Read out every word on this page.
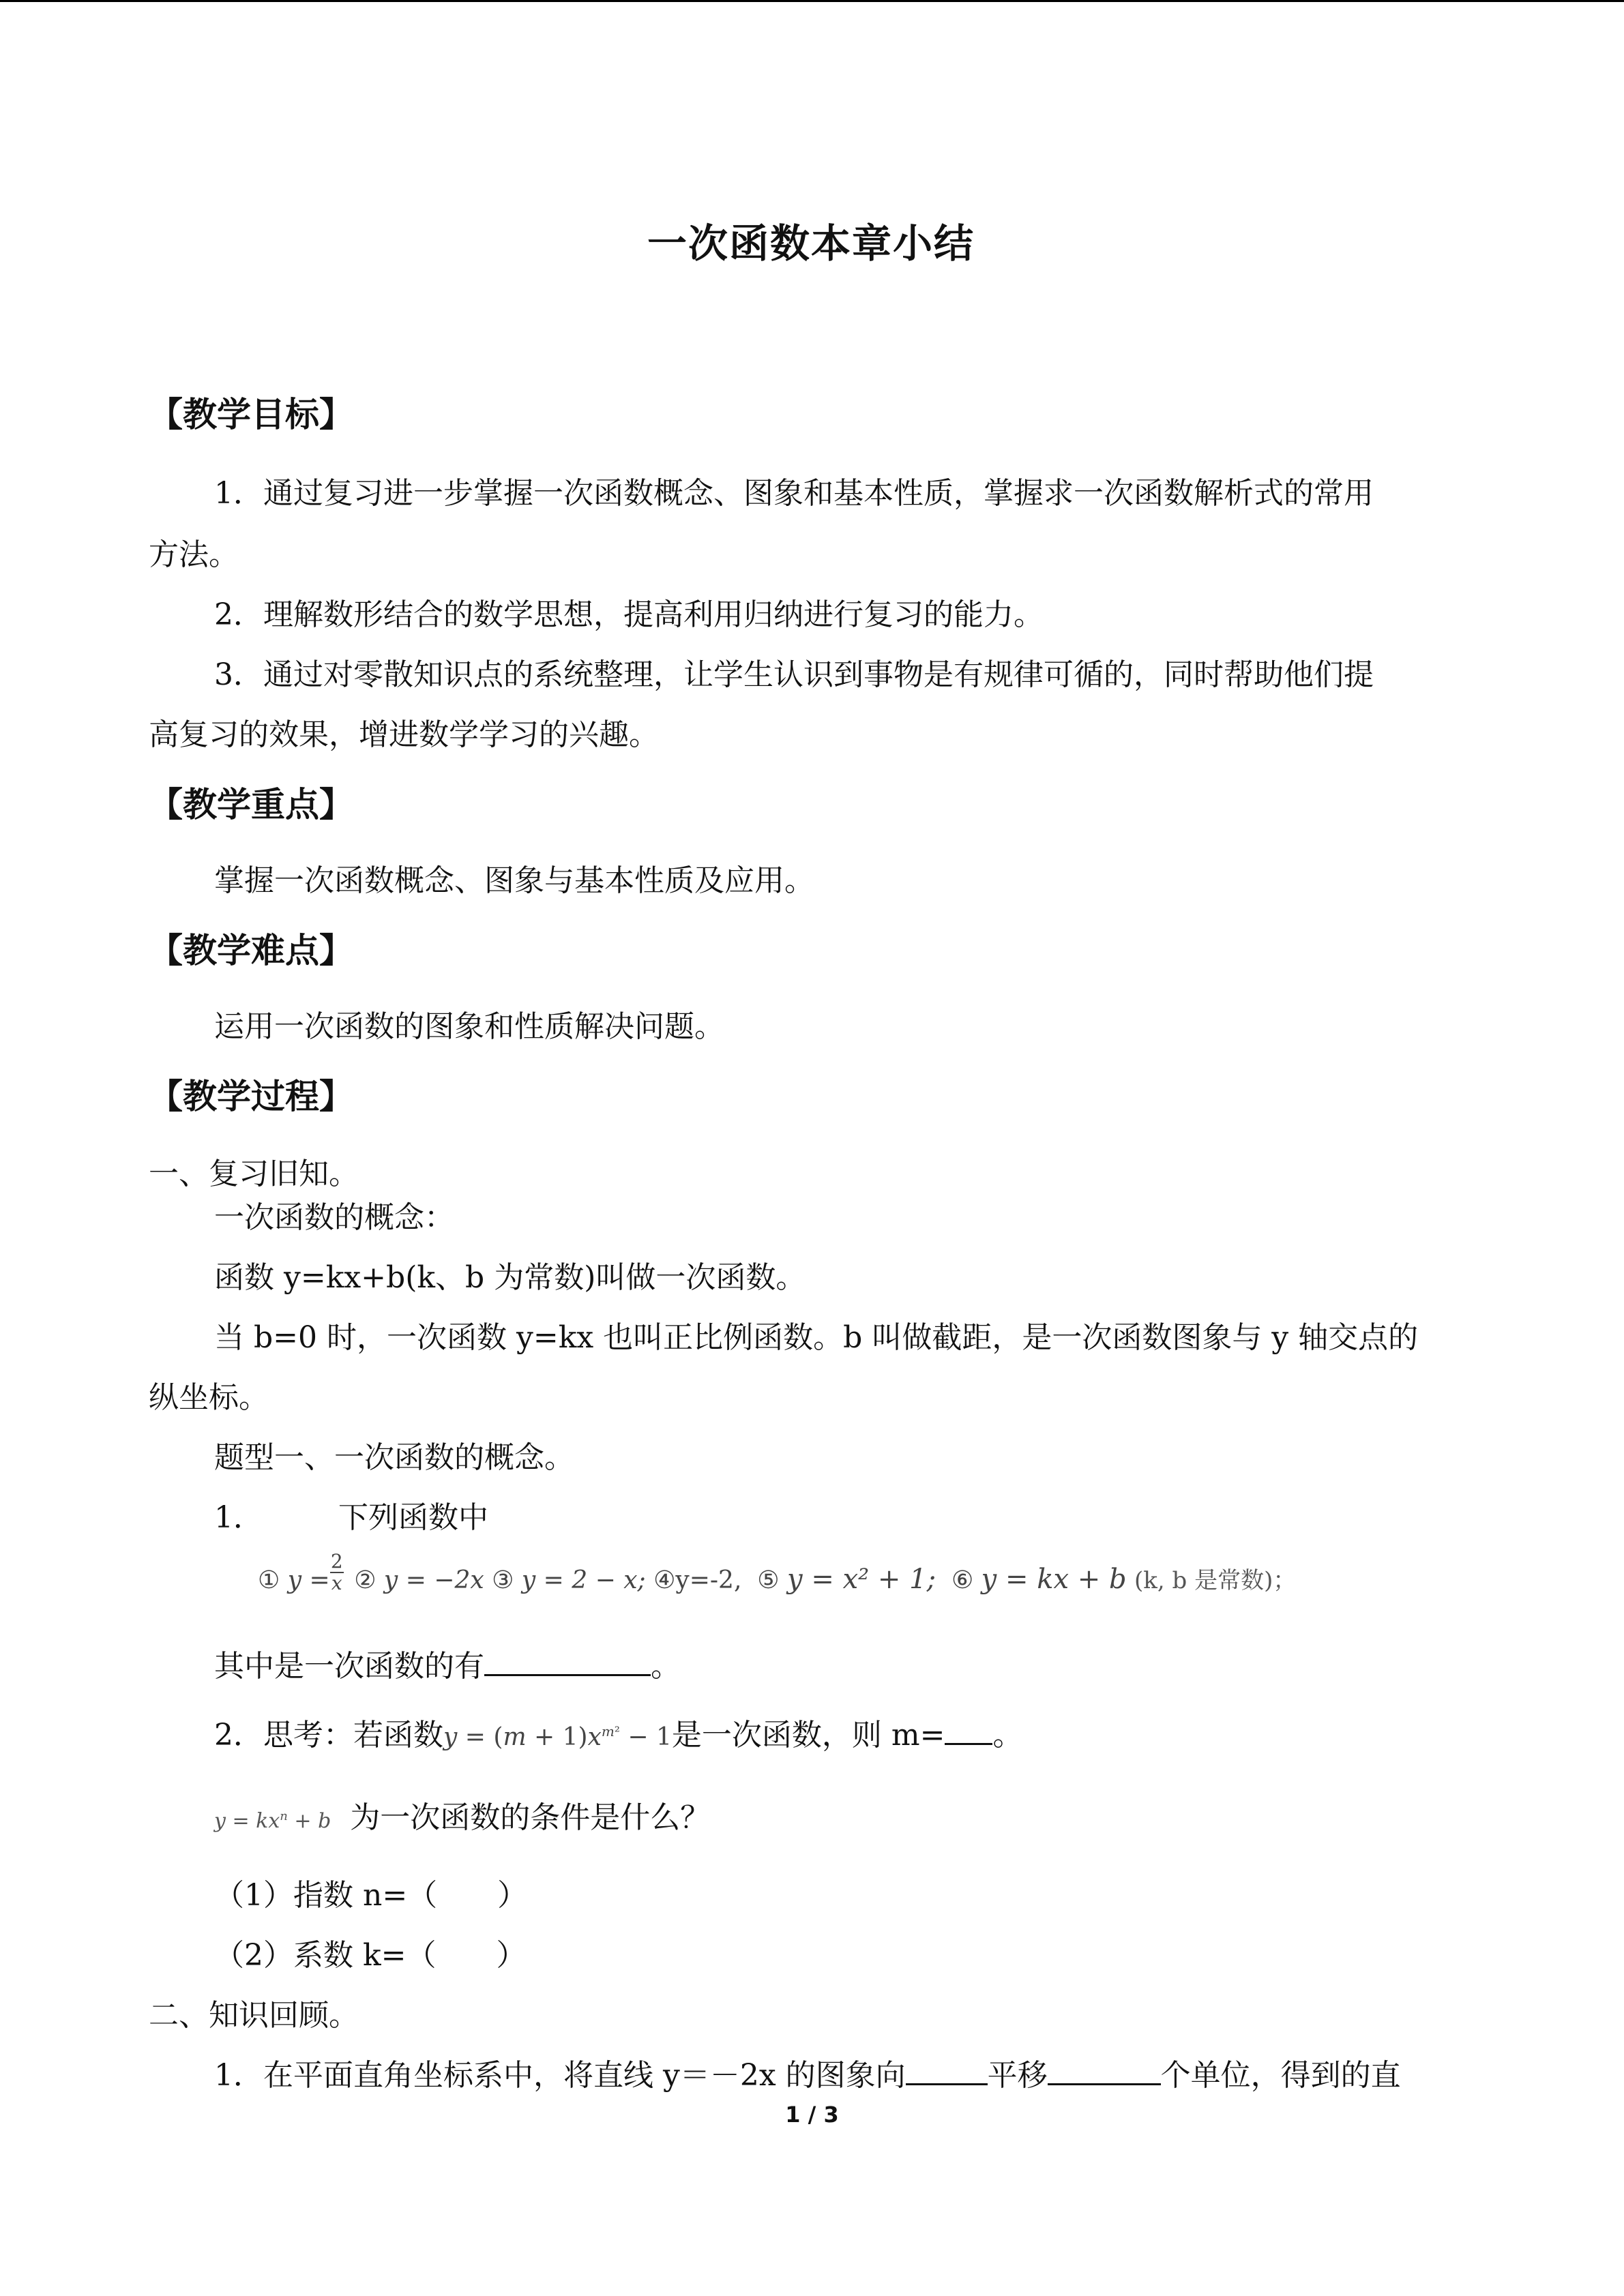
一次函数本章小结
【教学目标】
1．通过复习进一步掌握一次函数概念、图象和基本性质，掌握求一次函数解析式的常用
方法。
2．理解数形结合的数学思想，提高利用归纳进行复习的能力。
3．通过对零散知识点的系统整理，让学生认识到事物是有规律可循的，同时帮助他们提
高复习的效果，增进数学学习的兴趣。
【教学重点】
掌握一次函数概念、图象与基本性质及应用。
【教学难点】
运用一次函数的图象和性质解决问题。
【教学过程】
一、复习旧知。
一次函数的概念：
函数 y=kx+b(k、b 为常数)叫做一次函数。
当 b=0 时，一次函数 y=kx 也叫正比例函数。b 叫做截距，是一次函数图象与 y 轴交点的
纵坐标。
题型一、一次函数的概念。
1．	下列函数中
① y =
2

x ② y = −2x ③ y = 2 − x; ④y=-2, ⑤ y = x² + 1; ⑥ y = kx + b (k, b 是常数)；
其中是一次函数的有	。
2．思考：若函数$y = (m + 1)x^{m^2} - 1$是一次函数，则 m= 。
$y = kx^n + b$ 为一次函数的条件是什么？
（1）指数 n=（　　）
（2）系数 k=（　　）
二、知识回顾。
1．在平面直角坐标系中，将直线 y＝－2x 的图象向	平移	个单位，得到的直
1 / 3
